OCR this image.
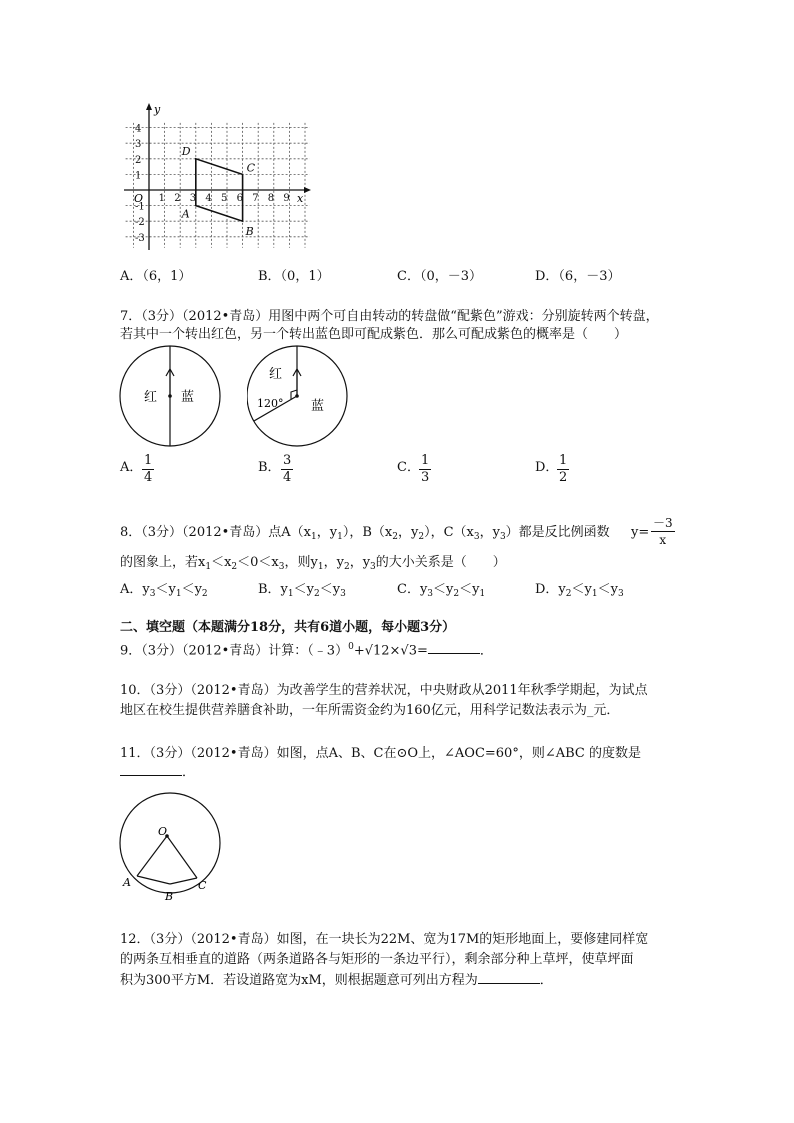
1 2 3 4 5 6 7 8 9
4
3
2
1
-1
-2
-3
x
y
O
A
B
C
D
A．（6，1）	B．（0，1）	C．（0，－3）	D．（6，－3）
7．（3分）（2012•青岛）用图中两个可自由转动的转盘做“配紫色”游戏：分别旋转两个转盘，
若其中一个转出红色，另一个转出蓝色即可配成紫色．那么可配成紫色的概率是（　　）
红 蓝
红
120° 蓝
A． $\frac{1}{4}$	B． $\frac{3}{4}$	C． $\frac{1}{3}$	D．
$\frac{1}{2}$
8．（3分）（2012•青岛）点$A(x_1$，$y_1$），$B(x_2$，$y_2$），$C(x_3$，$y_3$）都是反比例函数 $y= \frac{-3}{x}$
的图象上，若$x_1<x_2<0<x_3$，则$y_1$，$y_2$，$y_3$的大小关系是（　　）
A．$y_3<y_1<y_2$	B．$y_1<y_2<y_3$	C．$y_3<y_2<y_1$	D．$y_2<y_1<y_3$
二、填空题（本题满分18分，共有6道小题，每小题3分）
9．（3分）（2012•青岛）计算：（﹣3）$^0$+√12×√3=	．
10．（3分）（2012•青岛）为改善学生的营养状况，中央财政从2011年秋季学期起，为试点
地区在校生提供营养膳食补助，一年所需资金约为160亿元，用科学记数法表示为_元．
11．（3分）（2012•青岛）如图，点A、B、C在⊙O上，∠AOC=60°，则∠ABC 的度数是
．
O
A
B
C
12．（3分）（2012•青岛）如图，在一块长为22M、宽为17M的矩形地面上，要修建同样宽
的两条互相垂直的道路（两条道路各与矩形的一条边平行），剩余部分种上草坪，使草坪面
积为300平方M．若设道路宽为xM，则根据题意可列出方程为	．
